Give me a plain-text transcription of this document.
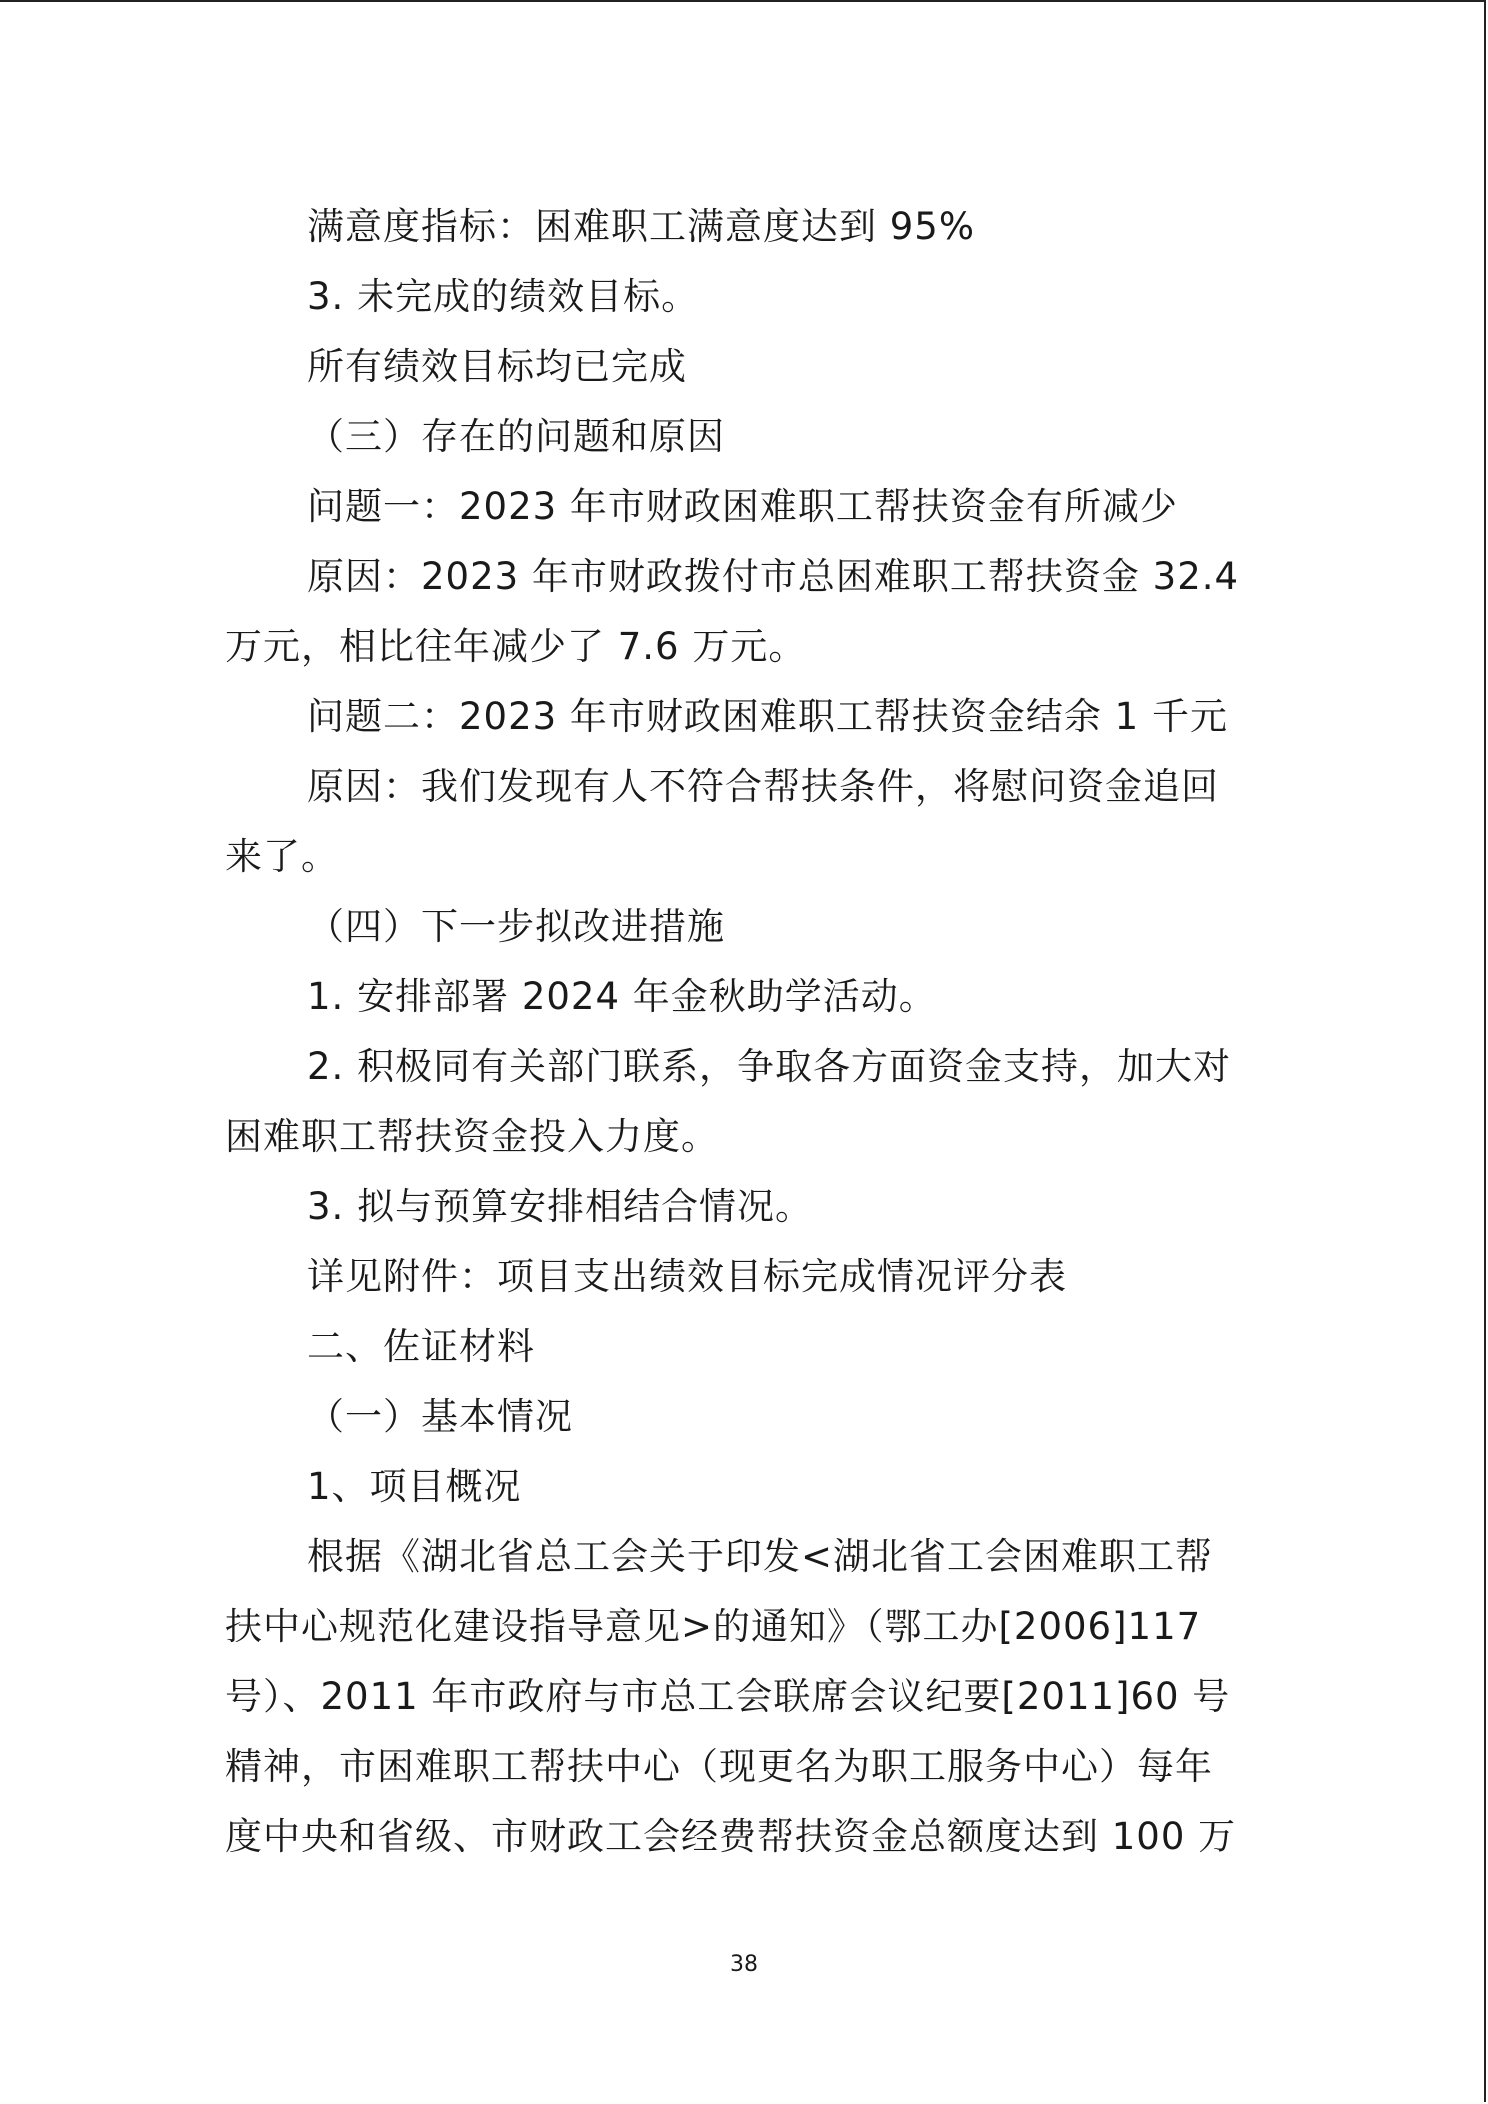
满意度指标：困难职工满意度达到 95%
3. 未完成的绩效目标。
所有绩效目标均已完成
（三）存在的问题和原因
问题一：2023 年市财政困难职工帮扶资金有所减少
原因：2023 年市财政拨付市总困难职工帮扶资金 32.4
万元，相比往年减少了 7.6 万元。
问题二：2023 年市财政困难职工帮扶资金结余 1 千元
原因：我们发现有人不符合帮扶条件，将慰问资金追回
来了。
（四）下一步拟改进措施
1. 安排部署 2024 年金秋助学活动。
2. 积极同有关部门联系，争取各方面资金支持，加大对
困难职工帮扶资金投入力度。
3. 拟与预算安排相结合情况。
详见附件：项目支出绩效目标完成情况评分表
二、佐证材料
（一）基本情况
1、项目概况
根据《湖北省总工会关于印发<湖北省工会困难职工帮
扶中心规范化建设指导意见>的通知》（鄂工办[2006]117
号）、2011 年市政府与市总工会联席会议纪要[2011]60 号
精神，市困难职工帮扶中心（现更名为职工服务中心）每年
度中央和省级、市财政工会经费帮扶资金总额度达到 100 万
38
